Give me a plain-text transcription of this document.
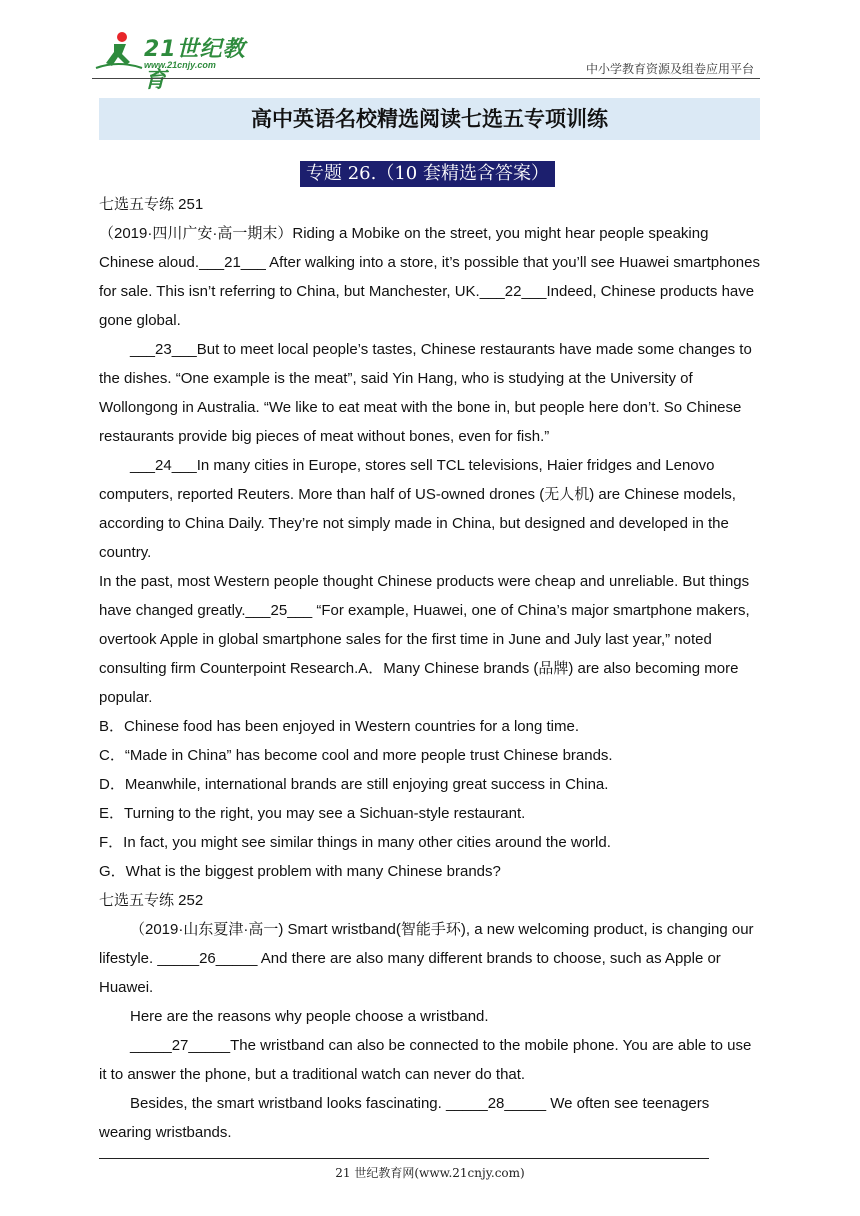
21世纪教育
www.21cnjy.com	中小学教育资源及组卷应用平台
高中英语名校精选阅读七选五专项训练
专题 26.（10 套精选含答案）

七选五专练 251

（2019·四川广安·高一期末）Riding a Mobike on the street, you might hear people speaking Chinese aloud.___21___ After walking into a store, it’s possible that you’ll see Huawei smartphones for sale. This isn’t referring to China, but Manchester, UK.___22___Indeed, Chinese products have gone global.

___23___But to meet local people’s tastes, Chinese restaurants have made some changes to the dishes. “One example is the meat”, said Yin Hang, who is studying at the University of Wollongong in Australia. “We like to eat meat with the bone in, but people here don’t. So Chinese restaurants provide big pieces of meat without bones, even for fish.”

___24___In many cities in Europe, stores sell TCL televisions, Haier fridges and Lenovo computers, reported Reuters. More than half of US-owned drones (无人机) are Chinese models, according to China Daily. They’re not simply made in China, but designed and developed in the country.

In the past, most Western people thought Chinese products were cheap and unreliable. But things have changed greatly.___25___ “For example, Huawei, one of China’s major smartphone makers, overtook Apple in global smartphone sales for the first time in June and July last year,” noted consulting firm Counterpoint Research.A．Many Chinese brands (品牌) are also becoming more popular.

B．Chinese food has been enjoyed in Western countries for a long time.

C．“Made in China” has become cool and more people trust Chinese brands.

D．Meanwhile, international brands are still enjoying great success in China.

E．Turning to the right, you may see a Sichuan-style restaurant.

F．In fact, you might see similar things in many other cities around the world.

G．What is the biggest problem with many Chinese brands?

七选五专练 252

（2019·山东夏津·高一) Smart wristband(智能手环), a new welcoming product, is changing our lifestyle. _____26_____ And there are also many different brands to choose, such as Apple or Huawei.

Here are the reasons why people choose a wristband.

_____27_____The wristband can also be connected to the mobile phone. You are able to use it to answer the phone, but a traditional watch can never do that.

Besides, the smart wristband looks fascinating. _____28_____ We often see teenagers wearing wristbands.

21 世纪教育网(www.21cnjy.com)
